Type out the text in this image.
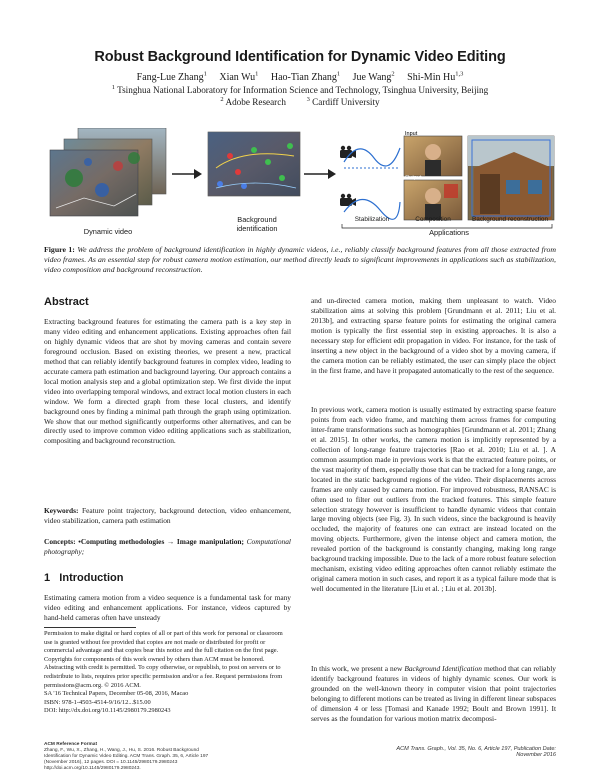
Robust Background Identification for Dynamic Video Editing
Fang-Lue Zhang$^1$ Xian Wu$^1$ Hao-Tian Zhang$^1$ Jue Wang$^2$ Shi-Min Hu$^{1,3}$
$^1$ Tsinghua National Laboratory for Information Science and Technology, Tsinghua University, Beijing
$^2$ Adobe Research	$^3$ Cardiff University
Input
Output
Dynamic video
Background identification
Stabilization	Composition	Background reconstruction
Applications
Figure 1: We address the problem of background identification in highly dynamic videos, i.e., reliably classify background features from all those extracted from video frames. As an essential step for robust camera motion estimation, our method directly leads to significant improvements in applications such as stabilization, video composition and background reconstruction.
Abstract
Extracting background features for estimating the camera path is a key step in many video editing and enhancement applications. Existing approaches often fail on highly dynamic videos that are shot by moving cameras and contain severe foreground occlusion. Based on existing theories, we present a new, practical method that can reliably identify background features in complex video, leading to accurate camera path estimation and background layering. Our approach contains a local motion analysis step and a global optimization step. We first divide the input video into overlapping temporal windows, and extract local motion clusters in each window. We form a directed graph from these local clusters, and identify background ones by finding a minimal path through the graph using optimization. We show that our method significantly outperforms other alternatives, and can be directly used to improve common video editing applications such as stabilization, compositing and background reconstruction.
Keywords: Feature point trajectory, background detection, video enhancement, video stabilization, camera path estimation
Concepts: •Computing methodologies → Image manipulation; Computational photography;
1 Introduction
Estimating camera motion from a video sequence is a fundamental task for many video editing and enhancement applications. For instance, videos captured by hand-held cameras often have unsteady
Permission to make digital or hard copies of all or part of this work for personal or classroom use is granted without fee provided that copies are not made or distributed for profit or commercial advantage and that copies bear this notice and the full citation on the first page. Copyrights for components of this work owned by others than ACM must be honored. Abstracting with credit is permitted. To copy otherwise, or republish, to post on servers or to redistribute to lists, requires prior specific permission and/or a fee. Request permissions from permissions@acm.org. © 2016 ACM.
SA '16 Technical Papers, December 05-08, 2016, Macao
ISBN: 978-1-4503-4514-9/16/12...$15.00
DOI: http://dx.doi.org/10.1145/2980179.2980243
ACM Reference Format
Zhang, F., Wu, X., Zhang, H., Wang, J., Hu, S. 2016. Robust Background Identification for Dynamic Video Editing. ACM Trans. Graph. 35, 6, Article 197 (November 2016), 12 pages. DOI = 10.1145/2980179.2980243 http://doi.acm.org/10.1145/2980179.2980243.
and un-directed camera motion, making them unpleasant to watch. Video stabilization aims at solving this problem [Grundmann et al. 2011; Liu et al. 2013b], and extracting sparse feature points for estimating the original camera motion is typically the first essential step in existing approaches. It is also a necessary step for efficient edit propagation in video. For instance, for the task of inserting a new object in the background of a video shot by a moving camera, if the camera motion can be reliably estimated, the user can simply place the object in the first frame, and have it propagated automatically to the rest of the sequence.
In previous work, camera motion is usually estimated by extracting sparse feature points from each video frame, and matching them across frames for computing inter-frame transformations such as homographies [Grundmann et al. 2011; Zhang et al. 2015]. In other works, the camera motion is implicitly represented by a collection of long-range feature trajectories [Rao et al. 2010; Liu et al. ]. A common assumption made in previous work is that the extracted feature points, or the vast majority of them, especially those that can be tracked for a long range, are located in the static background regions of the video. Their displacements across frames are only caused by camera motion. For improved robustness, RANSAC is often used to filter out outliers from the tracked features. This simple feature selection strategy however is insufficient to handle dynamic videos that contain large moving objects (see Fig. 3). In such videos, since the background is heavily occluded, the majority of features one can extract are instead located on the moving objects. Furthermore, given the intense object and camera motion, the revealed portion of the background is constantly changing, making long range background tracking impossible. Due to the lack of a more robust feature selection mechanism, existing video editing approaches often cannot reliably estimate the original camera motion in such cases, and report it as a typical failure mode that is well documented in the literature [Liu et al. ; Liu et al. 2013b].
In this work, we present a new Background Identification method that can reliably identify background features in videos of highly dynamic scenes. Our work is grounded on the well-known theory in computer vision that point trajectories belonging to different motions can be treated as living in different linear subspaces of dimension 4 or less [Tomasi and Kanade 1992; Boult and Brown 1991]. It serves as the foundation for various motion matrix decomposi-
ACM Trans. Graph., Vol. 35, No. 6, Article 197, Publication Date: November 2016
